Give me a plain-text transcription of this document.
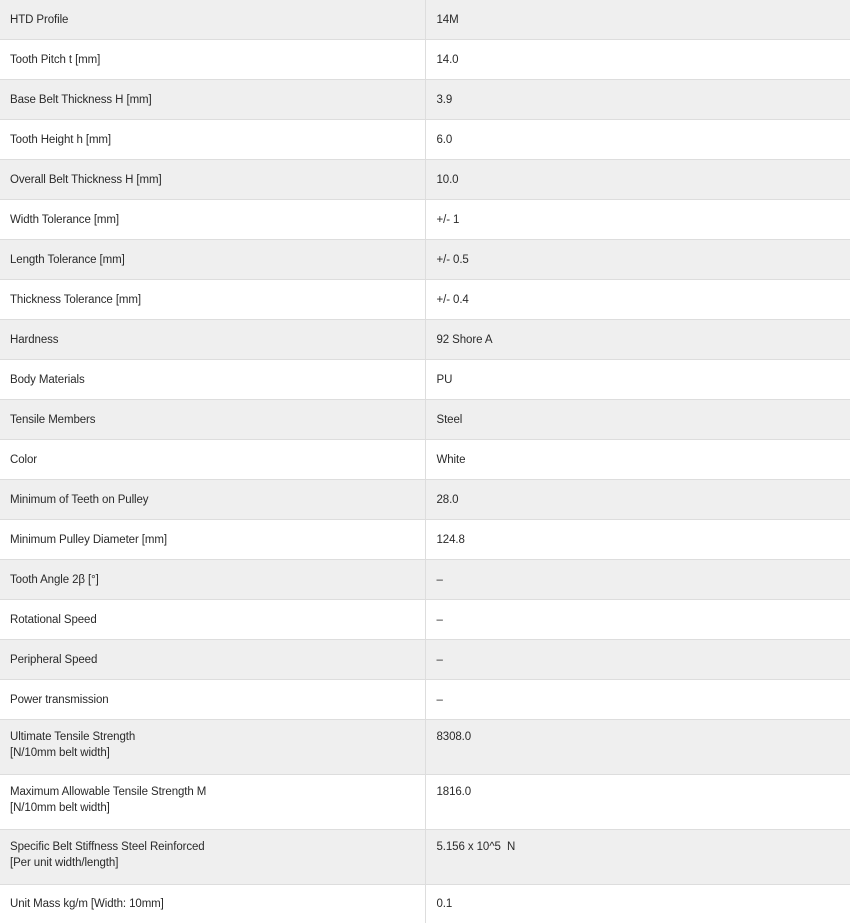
HTD Profile	14M
Tooth Pitch t [mm]	14.0
Base Belt Thickness H [mm]	3.9
Tooth Height h [mm]	6.0
Overall Belt Thickness H [mm]	10.0
Width Tolerance [mm]	+/- 1
Length Tolerance [mm]	+/- 0.5
Thickness Tolerance [mm]	+/- 0.4
Hardness	92 Shore A
Body Materials	PU
Tensile Members	Steel
Color	White
Minimum of Teeth on Pulley	28.0
Minimum Pulley Diameter [mm]	124.8
Tooth Angle 2β [°]	–
Rotational Speed	–
Peripheral Speed	–
Power transmission	–

Ultimate Tensile Strength
[N/10mm belt width]	8308.0

Maximum Allowable Tensile Strength M
[N/10mm belt width]	1816.0

Specific Belt Stiffness Steel Reinforced
[Per unit width/length]	5.156 x 10^5  N
Unit Mass kg/m [Width: 10mm]	0.1
